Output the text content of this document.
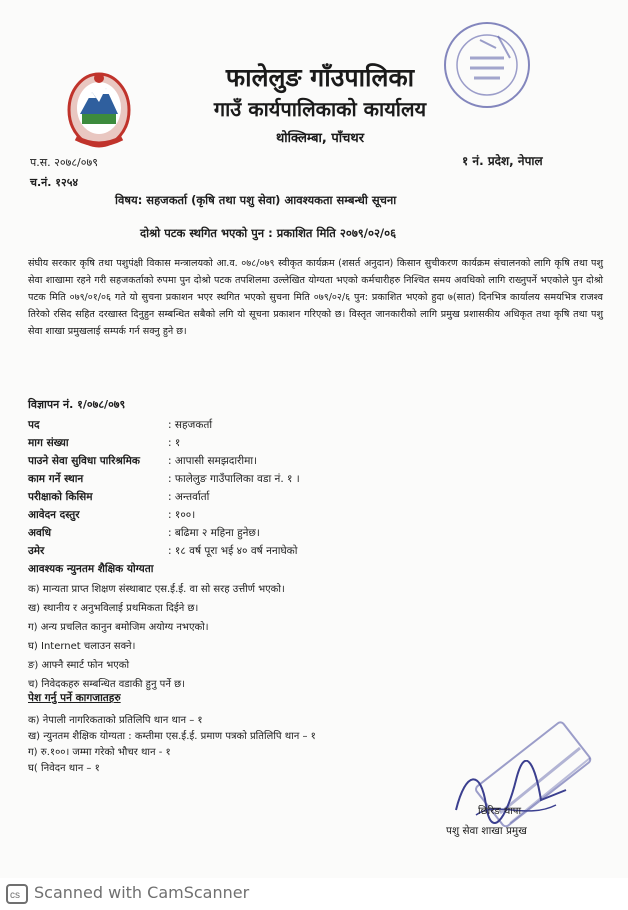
फालेलुङ गाँउपालिका
गाउँ कार्यपालिकाको कार्यालय
थोक्लिम्बा, पाँचथर
प.स. २०७८/०७९
च.नं. १२५४
१ नं. प्रदेश, नेपाल
विषय: सहजकर्ता (कृषि तथा पशु सेवा) आवश्यकता सम्बन्धी सूचना
दोश्रो पटक स्थगित भएको पुन : प्रकाशित मिति २०७९/०२/०६
संघीय सरकार कृषि तथा पशुपंक्षी विकास मन्त्रालयको आ.व. ०७८/०७९ स्वीकृत कार्यक्रम (शसर्त अनुदान) किसान सुचीकरण कार्यक्रम संचालनको लागि कृषि तथा पशु सेवा शाखामा रहने गरी सहजकर्ताको रुपमा पुन दोश्रो पटक तपशिलमा उल्लेखित योग्यता भएको कर्मचारीहरु निश्चित समय अवधिको लागि राख्नुपर्ने भएकोले पुन दोश्रो पटक मिति ०७९/०१/०६ गते यो सुचना प्रकाशन भएर स्थगित भएको सुचना मिति ०७९/०२/६ पुन: प्रकाशित भएको हुदा ७(सात) दिनभित्र कार्यालय समयभित्र राजश्व तिरेको रसिद सहित दरखास्त दिनुहुन सम्बन्धित सबैको लगि यो सूचना प्रकाशन गरिएको छ। विस्तृत जानकारीको लागि प्रमुख प्रशासकीय अधिकृत तथा कृषि तथा पशु सेवा शाखा प्रमुखलाई सम्पर्क गर्न सक्नु हुने छ।
विज्ञापन नं. १/०७८/०७९
पद	: सहजकर्ता
माग संख्या	: १
पाउने सेवा सुविधा पारिश्रमिक	: आपासी समझदारीमा।
काम गर्ने स्थान	: फालेलुङ गाउँपालिका वडा नं. १ ।
परीक्षाको किसिम	: अन्तर्वार्ता
आवेदन दस्तुर	: १००।
अवधि	: बढिमा २ महिना हुनेछ।
उमेर	: १८ वर्ष पूरा भई ४० वर्ष ननाघेको
आवश्यक न्युनतम शैक्षिक योग्यता
क) मान्यता प्राप्त शिक्षण संस्थाबाट एस.ई.ई. वा सो सरह उत्तीर्ण भएको।
ख) स्थानीय र अनुभविलाई प्रथमिकता दिईने छ।
ग) अन्य प्रचलित कानुन बमोजिम अयोग्य नभएको।
घ) Internet चलाउन सक्ने।
ङ) आफ्नै स्मार्ट फोन भएको
च) निवेदकहरु सम्बन्धित वडाकी हुनु पर्ने छ।
पेश गर्नु पर्ने कागजातहरु
क) नेपाली नागरिकताको प्रतिलिपि थान थान – १
ख) न्युनतम शैक्षिक योग्यता : कम्तीमा एस.ई.ई. प्रमाण पत्रको प्रतिलिपि थान – १
ग) रु.१००। जम्मा गरेको भौचर थान - १
घ( निवेदन थान – १
छिरिङ थापा
पशु सेवा शाखा प्रमुख
cs Scanned with CamScanner
